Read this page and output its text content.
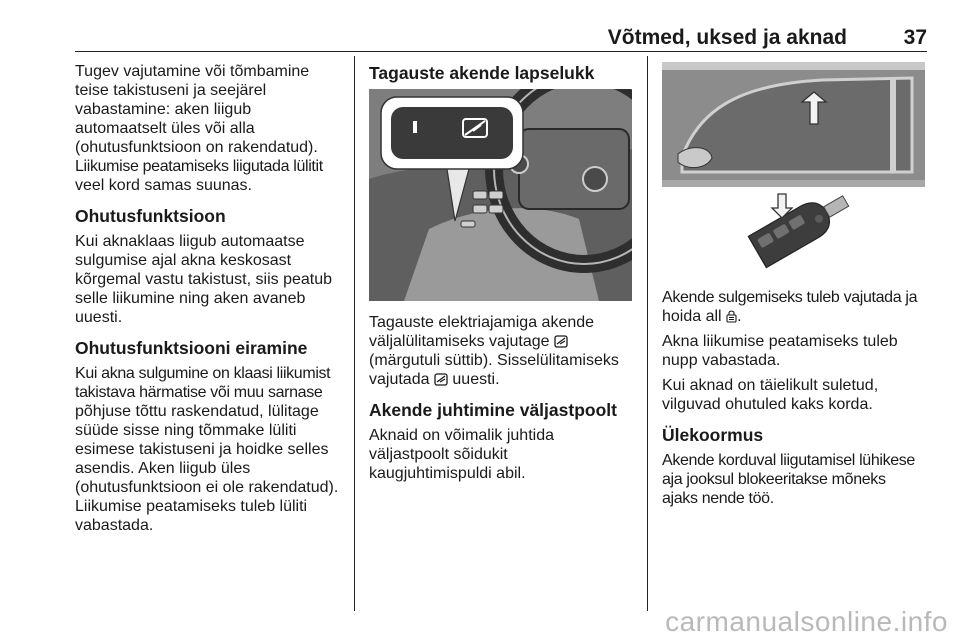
Võtmed, uksed ja aknad	37

Tugev vajutamine või tõmbamine
teise takistuseni ja seejärel
vabastamine: aken liigub
automaatselt üles või alla
(ohutusfunktsioon on rakendatud).
Liikumise peatamiseks liigutada lülitit
veel kord samas suunas.

Ohutusfunktsioon

Kui aknaklaas liigub automaatse
sulgumise ajal akna keskosast
kõrgemal vastu takistust, siis peatub
selle liikumine ning aken avaneb
uuesti.

Ohutusfunktsiooni eiramine

Kui akna sulgumine on klaasi liikumist
takistava härmatise või muu sarnase
põhjuse tõttu raskendatud, lülitage
süüde sisse ning tõmmake lüliti
esimese takistuseni ja hoidke selles
asendis. Aken liigub üles
(ohutusfunktsioon ei ole rakendatud).
Liikumise peatamiseks tuleb lüliti
vabastada.

Tagauste akende lapselukk

Tagauste elektriajamiga akende
väljalülitamiseks vajutage
(märgutuli süttib). Sisselülitamiseks
vajutada uuesti.

Akende juhtimine väljastpoolt

Aknaid on võimalik juhtida
väljastpoolt sõidukit
kaugjuhtimispuldi abil.

Akende sulgemiseks tuleb vajutada ja
hoida all .

Akna liikumise peatamiseks tuleb
nupp vabastada.

Kui aknad on täielikult suletud,
vilguvad ohutuled kaks korda.

Ülekoormus

Akende korduval liigutamisel lühikese
aja jooksul blokeeritakse mõneks
ajaks nende töö.

carmanualsonline.info
